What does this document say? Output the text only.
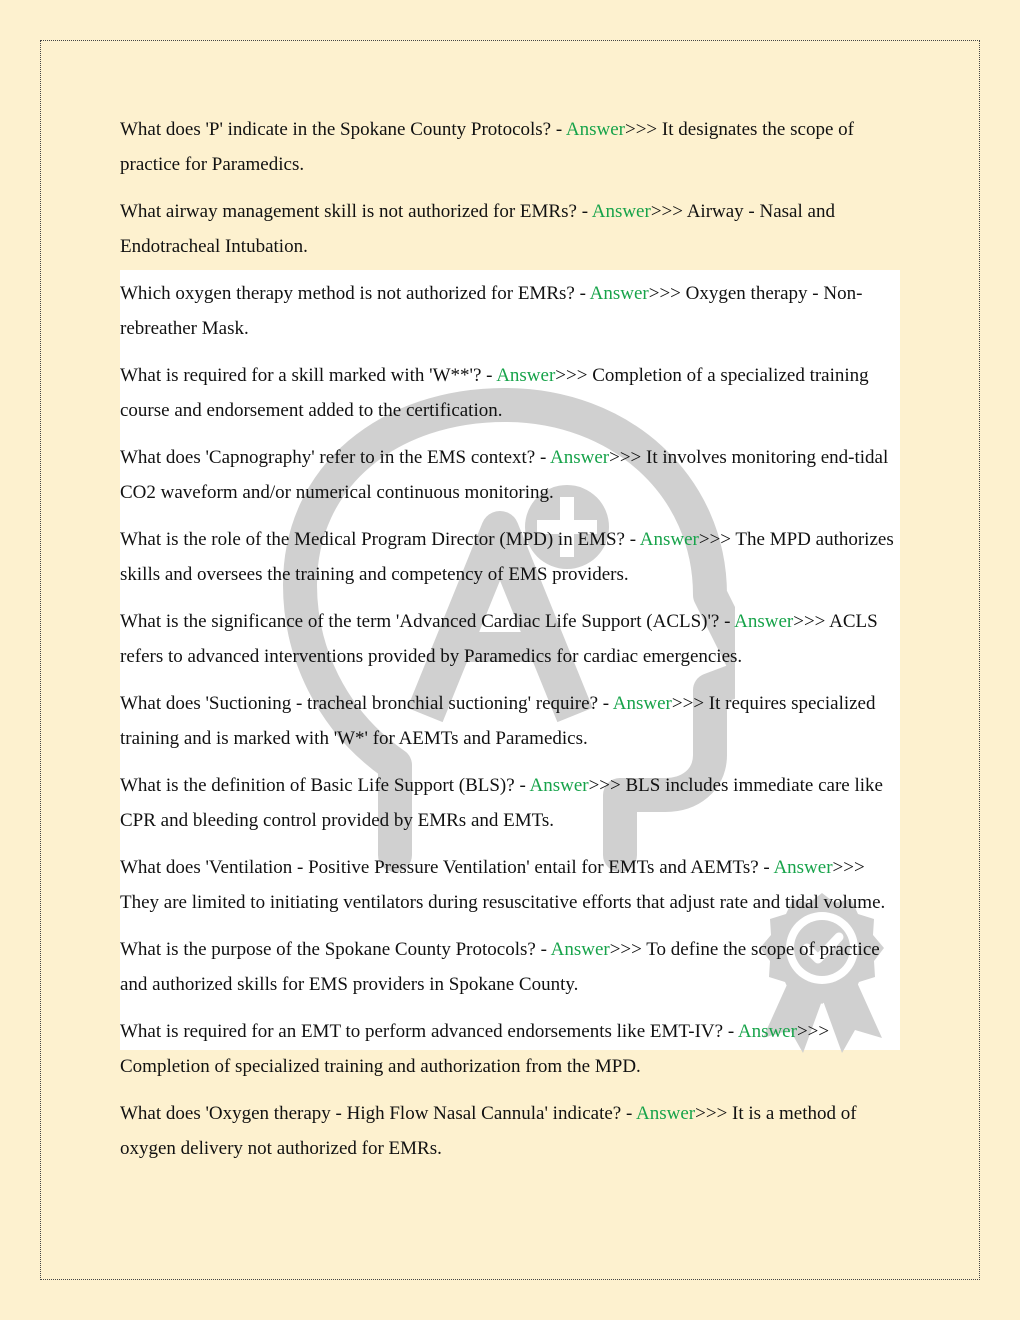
What does 'P' indicate in the Spokane County Protocols? - Answer>>> It designates the scope of practice for Paramedics.

What airway management skill is not authorized for EMRs? - Answer>>> Airway - Nasal and Endotracheal Intubation.

Which oxygen therapy method is not authorized for EMRs? - Answer>>> Oxygen therapy - Non-rebreather Mask.

What is required for a skill marked with 'W**'? - Answer>>> Completion of a specialized training course and endorsement added to the certification.

What does 'Capnography' refer to in the EMS context? - Answer>>> It involves monitoring end-tidal CO2 waveform and/or numerical continuous monitoring.

What is the role of the Medical Program Director (MPD) in EMS? - Answer>>> The MPD authorizes skills and oversees the training and competency of EMS providers.

What is the significance of the term 'Advanced Cardiac Life Support (ACLS)'? - Answer>>> ACLS refers to advanced interventions provided by Paramedics for cardiac emergencies.

What does 'Suctioning - tracheal bronchial suctioning' require? - Answer>>> It requires specialized training and is marked with 'W*' for AEMTs and Paramedics.

What is the definition of Basic Life Support (BLS)? - Answer>>> BLS includes immediate care like CPR and bleeding control provided by EMRs and EMTs.

What does 'Ventilation - Positive Pressure Ventilation' entail for EMTs and AEMTs? - Answer>>> They are limited to initiating ventilators during resuscitative efforts that adjust rate and tidal volume.

What is the purpose of the Spokane County Protocols? - Answer>>> To define the scope of practice and authorized skills for EMS providers in Spokane County.

What is required for an EMT to perform advanced endorsements like EMT-IV? - Answer>>> Completion of specialized training and authorization from the MPD.

What does 'Oxygen therapy - High Flow Nasal Cannula' indicate? - Answer>>> It is a method of oxygen delivery not authorized for EMRs.
